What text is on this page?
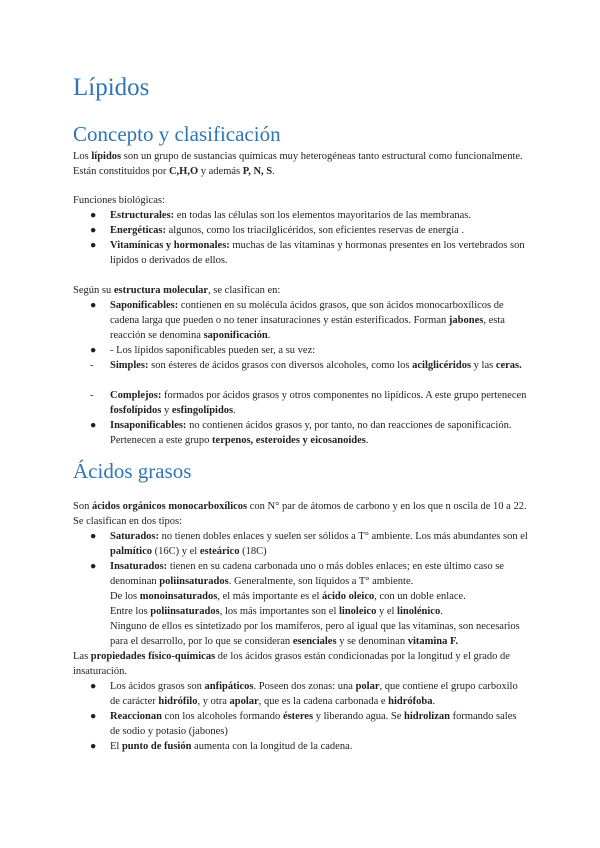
Lípidos
Concepto y clasificación

Los lípidos son un grupo de sustancias químicas muy heterogéneas tanto estructural como funcionalmente. Están constituidos por C,H,O y además P, N, S.

Funciones biológicas:

●	Estructurales: en todas las células son los elementos mayoritarios de las membranas.

●	Energéticas: algunos, como los triacilglicéridos, son eficientes reservas de energía .

●	Vitamínicas y hormonales: muchas de las vitaminas y hormonas presentes en los vertebrados son lípidos o derivados de ellos.

Según su estructura molecular, se clasifican en:

●	Saponificables: contienen en su molécula ácidos grasos, que son ácidos monocarboxílicos de cadena larga que pueden o no tener insaturaciones y están esterificados. Forman jabones, esta reacción se denomina saponificación.

●	- Los lípidos saponificables pueden ser, a su vez:

-	Simples: son ésteres de ácidos grasos con diversos alcoholes, como los acilglicéridos y las ceras.

-	Complejos: formados por ácidos grasos y otros componentes no lipídicos. A este grupo pertenecen fosfolípidos y esfingolípidos.

●	Insaponificables: no contienen ácidos grasos y, por tanto, no dan reacciones de saponificación. Pertenecen a este grupo terpenos, esteroides y eicosanoides.

Ácidos grasos

Son ácidos orgánicos monocarboxílicos con N° par de átomos de carbono y en los que n oscila de 10 a 22. Se clasifican en dos tipos:

●	Saturados: no tienen dobles enlaces y suelen ser sólidos a T° ambiente. Los más abundantes son el palmítico (16C) y el esteárico (18C)

●	Insaturados: tienen en su cadena carbonada uno o más dobles enlaces; en este último caso se denominan poliinsaturados. Generalmente, son líquidos a T° ambiente.

De los monoinsaturados, el más importante es el ácido oleico, con un doble enlace.

Entre los poliinsaturados, los más importantes son el linoleico y el linolénico.

Ninguno de ellos es sintetizado por los mamíferos, pero al igual que las vitaminas, son necesarios para el desarrollo, por lo que se consideran esenciales y se denominan vitamina F.

Las propiedades físico-químicas de los ácidos grasos están condicionadas por la longitud y el grado de insaturación.

●	Los ácidos grasos son anfipáticos. Poseen dos zonas: una polar, que contiene el grupo carboxilo de carácter hidrófilo, y otra apolar, que es la cadena carbonada e hidrófoba.

●	Reaccionan con los alcoholes formando ésteres y liberando agua. Se hidrolizan formando sales de sodio y potasio (jabones)

●	El punto de fusión aumenta con la longitud de la cadena.
